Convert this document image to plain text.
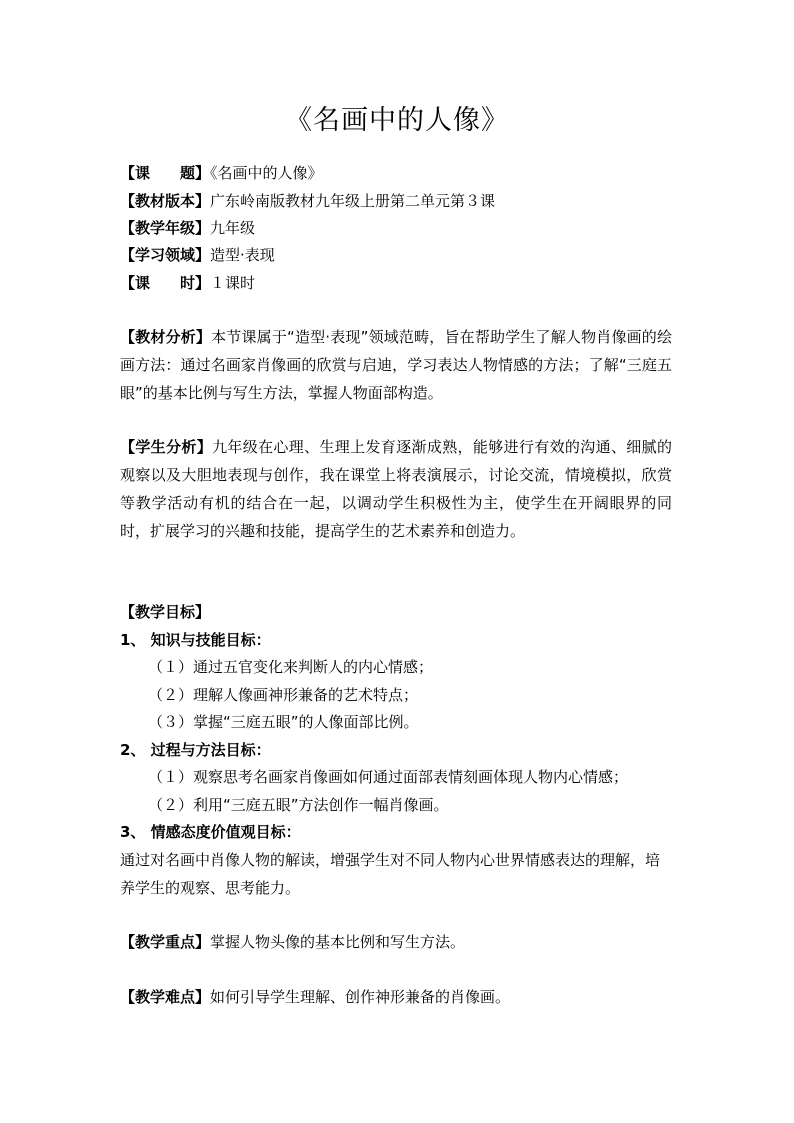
《名画中的人像》
【课　　题】《名画中的人像》
【教材版本】广东岭南版教材九年级上册第二单元第３课
【教学年级】九年级
【学习领域】造型·表现
【课　　时】１课时
【教材分析】本节课属于“造型·表现”领域范畴，旨在帮助学生了解人物肖像画的绘画方法：通过名画家肖像画的欣赏与启迪，学习表达人物情感的方法；了解“三庭五眼”的基本比例与写生方法，掌握人物面部构造。
【学生分析】九年级在心理、生理上发育逐渐成熟，能够进行有效的沟通、细腻的观察以及大胆地表现与创作，我在课堂上将表演展示，讨论交流，情境模拟，欣赏等教学活动有机的结合在一起，以调动学生积极性为主，使学生在开阔眼界的同时，扩展学习的兴趣和技能，提高学生的艺术素养和创造力。
【教学目标】
1、 知识与技能目标：
（１）通过五官变化来判断人的内心情感；
（２）理解人像画神形兼备的艺术特点；
（３）掌握“三庭五眼”的人像面部比例。
2、 过程与方法目标：
（１）观察思考名画家肖像画如何通过面部表情刻画体现人物内心情感；
（２）利用“三庭五眼”方法创作一幅肖像画。
3、 情感态度价值观目标：
通过对名画中肖像人物的解读，增强学生对不同人物内心世界情感表达的理解，培养学生的观察、思考能力。
【教学重点】掌握人物头像的基本比例和写生方法。
【教学难点】如何引导学生理解、创作神形兼备的肖像画。
